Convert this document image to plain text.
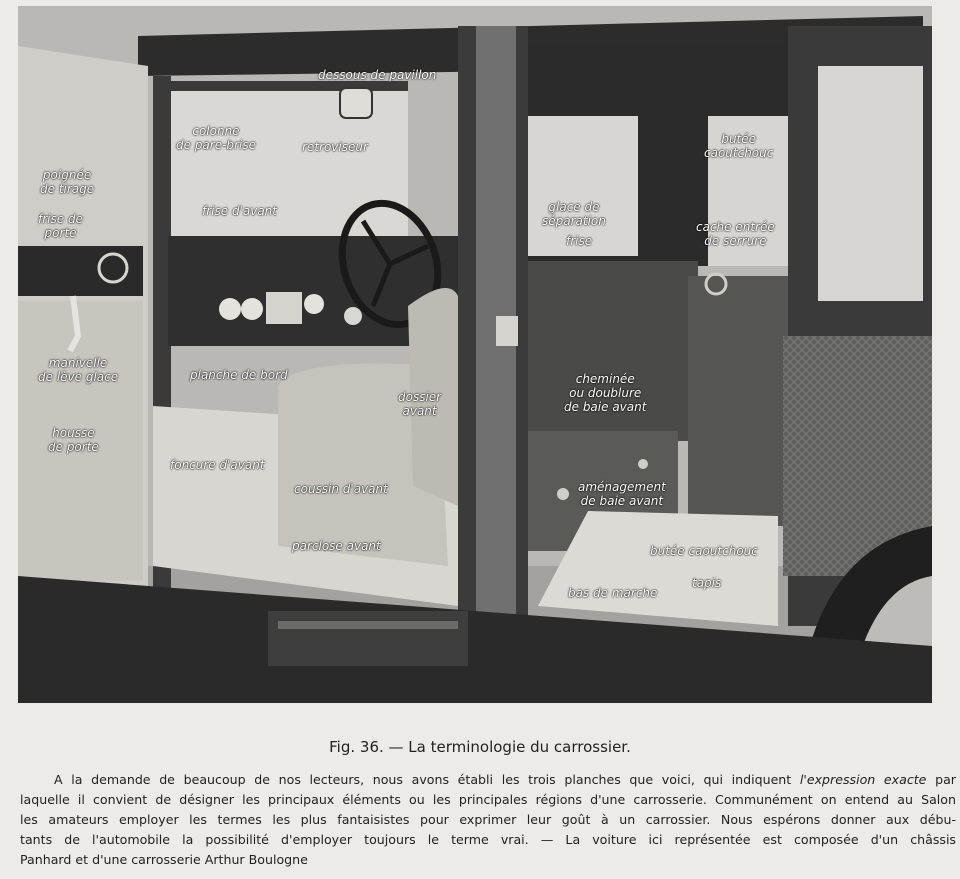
dessous de pavillon
colonne
de pare-brise	retroviseur
poignée
de tirage
frise de
porte
frise d'avant	glace de
séparation
frise
butée
caoutchouc
cache entrée
de serrure
manivelle
de lève glace	planche de bord
dossier
avant
cheminée
ou doublure
de baie avant
housse
de porte
foncure d'avant
coussin d'avant	aménagement
de baie avant
parclose avant	butée caoutchouc
tapis
bas de marche
Fig. 36. — La terminologie du carrossier.
A la demande de beaucoup de nos lecteurs, nous avons établi les trois planches que voici, qui indiquent l'expression exacte par
laquelle il convient de désigner les principaux éléments ou les principales régions d'une carrosserie. Communément on entend au Salon
les amateurs employer les termes les plus fantaisistes pour exprimer leur goût à un carrossier. Nous espérons donner aux débu-
tants de l'automobile la possibilité d'employer toujours le terme vrai. — La voiture ici représentée est composée d'un châssis
Panhard et d'une carrosserie Arthur Boulogne
